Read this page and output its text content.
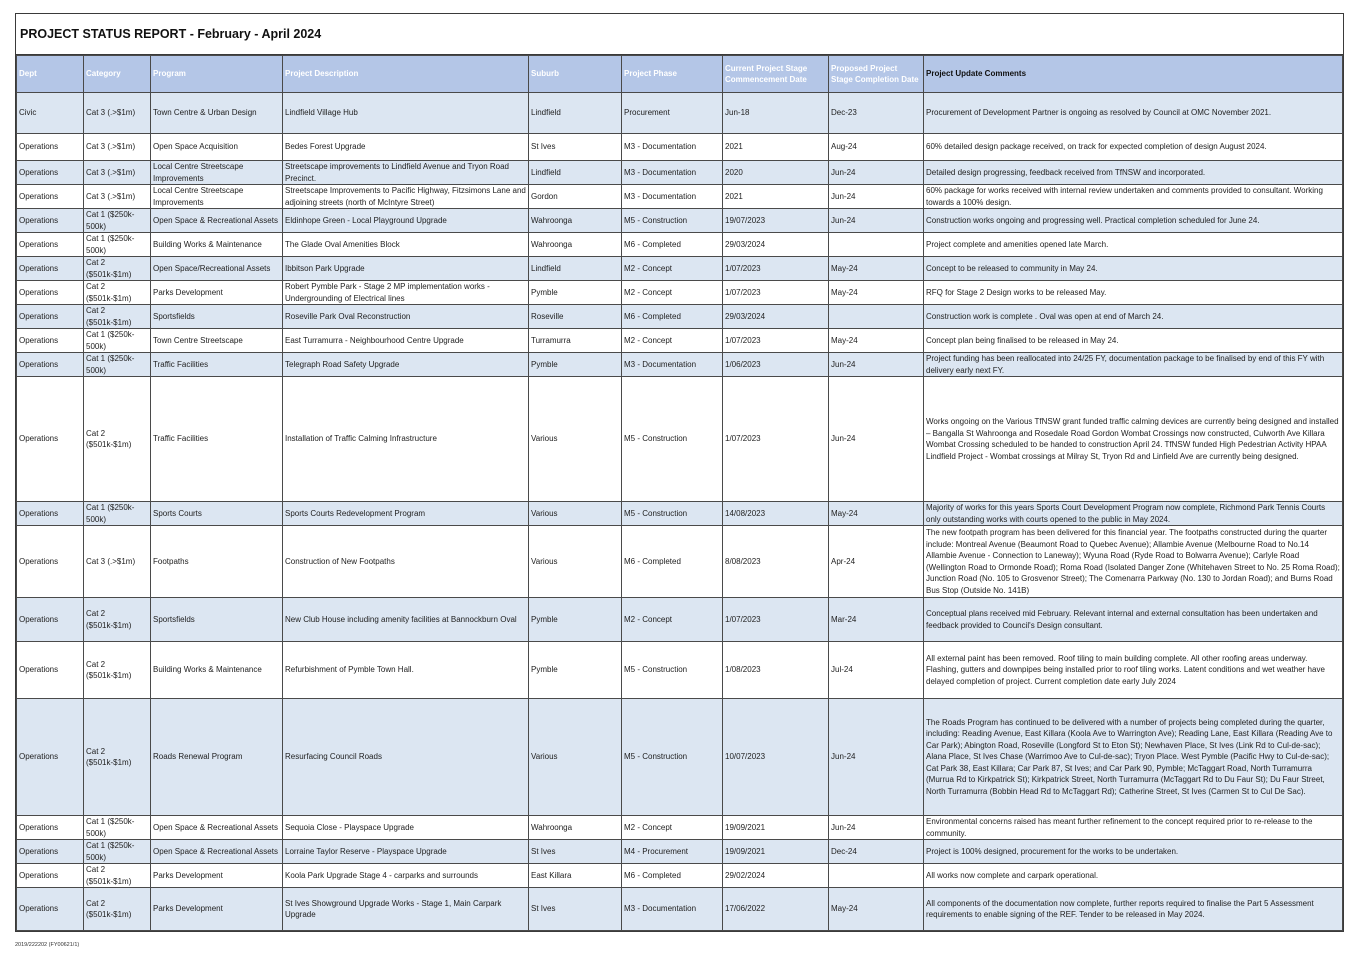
PROJECT STATUS REPORT - February - April 2024
Dept	Category	Program	Project Description	Suburb	Project Phase	Current Project Stage Commencement Date	Proposed Project Stage Completion Date	Project Update Comments
Civic	Cat 3 (.>$1m)	Town Centre & Urban Design	Lindfield Village Hub	Lindfield	Procurement	Jun-18	Dec-23	Procurement of Development Partner is ongoing as resolved by Council at OMC November 2021.
Operations	Cat 3 (.>$1m)	Open Space Acquisition	Bedes Forest Upgrade	St Ives	M3 - Documentation	2021	Aug-24	60% detailed design package received, on track for expected completion of design August 2024.
Operations	Cat 3 (.>$1m)	Local Centre Streetscape Improvements	Streetscape improvements to Lindfield Avenue and Tryon Road Precinct.	Lindfield	M3 - Documentation	2020	Jun-24	Detailed design progressing, feedback received from TfNSW and incorporated.
Operations	Cat 3 (.>$1m)	Local Centre Streetscape Improvements	Streetscape Improvements to Pacific Highway, Fitzsimons Lane and adjoining streets (north of McIntyre Street)	Gordon	M3 - Documentation	2021	Jun-24	60% package for works received with internal review undertaken and comments provided to consultant. Working towards a 100% design.
Operations	Cat 1 ($250k-500k)	Open Space & Recreational Assets	Eldinhope Green - Local Playground Upgrade	Wahroonga	M5 - Construction	19/07/2023	Jun-24	Construction works ongoing and progressing well. Practical completion scheduled for June 24.
Operations	Cat 1 ($250k-500k)	Building Works & Maintenance	The Glade Oval Amenities Block	Wahroonga	M6 - Completed	29/03/2024		Project complete and amenities opened late March.
Operations	Cat 2 ($501k-$1m)	Open Space/Recreational Assets	Ibbitson Park Upgrade	Lindfield	M2 - Concept	1/07/2023	May-24	Concept to be released to community in May 24.
Operations	Cat 2 ($501k-$1m)	Parks Development	Robert Pymble Park - Stage 2 MP implementation works - Undergrounding of Electrical lines	Pymble	M2 - Concept	1/07/2023	May-24	RFQ for Stage 2 Design works to be released May.
Operations	Cat 2 ($501k-$1m)	Sportsfields	Roseville Park Oval Reconstruction	Roseville	M6 - Completed	29/03/2024		Construction work is complete . Oval was open at end of March 24.
Operations	Cat 1 ($250k-500k)	Town Centre Streetscape	East Turramurra - Neighbourhood Centre Upgrade	Turramurra	M2 - Concept	1/07/2023	May-24	Concept plan being finalised to be released in May 24.
Operations	Cat 1 ($250k-500k)	Traffic Facilities	Telegraph Road Safety Upgrade	Pymble	M3 - Documentation	1/06/2023	Jun-24	Project funding has been reallocated into 24/25 FY, documentation package to be finalised by end of this FY with delivery early next FY.
Operations	Cat 2 ($501k-$1m)	Traffic Facilities	Installation of Traffic Calming Infrastructure	Various	M5 - Construction	1/07/2023	Jun-24	Works ongoing on the Various TfNSW grant funded traffic calming devices are currently being designed and installed – Bangalla St Wahroonga and Rosedale Road Gordon Wombat Crossings now constructed, Culworth Ave Killara Wombat Crossing scheduled to be handed to construction April 24. TfNSW funded High Pedestrian Activity HPAA Lindfield Project - Wombat crossings at Milray St, Tryon Rd and Linfield Ave are currently being designed.
Operations	Cat 1 ($250k-500k)	Sports Courts	Sports Courts Redevelopment Program	Various	M5 - Construction	14/08/2023	May-24	Majority of works for this years Sports Court Development Program now complete, Richmond Park Tennis Courts only outstanding works with courts opened to the public in May 2024.
Operations	Cat 3 (.>$1m)	Footpaths	Construction of New Footpaths	Various	M6 - Completed	8/08/2023	Apr-24	The new footpath program has been delivered for this financial year. The footpaths constructed during the quarter include: Montreal Avenue (Beaumont Road to Quebec Avenue); Allambie Avenue (Melbourne Road to No.14 Allambie Avenue - Connection to Laneway); Wyuna Road (Ryde Road to Bolwarra Avenue); Carlyle Road (Wellington Road to Ormonde Road); Roma Road (Isolated Danger Zone (Whitehaven Street to No. 25 Roma Road); Junction Road (No. 105 to Grosvenor Street); The Comenarra Parkway (No. 130 to Jordan Road); and Burns Road Bus Stop (Outside No. 141B)
Operations	Cat 2 ($501k-$1m)	Sportsfields	New Club House including amenity facilities at Bannockburn Oval	Pymble	M2 - Concept	1/07/2023	Mar-24	Conceptual plans received mid February. Relevant internal and external consultation has been undertaken and feedback provided to Council's Design consultant.
Operations	Cat 2 ($501k-$1m)	Building Works & Maintenance	Refurbishment of Pymble Town Hall.	Pymble	M5 - Construction	1/08/2023	Jul-24	All external paint has been removed. Roof tiling to main building complete. All other roofing areas underway. Flashing, gutters and downpipes being installed prior to roof tiling works. Latent conditions and wet weather have delayed completion of project. Current completion date early July 2024
Operations	Cat 2 ($501k-$1m)	Roads Renewal Program	Resurfacing Council Roads	Various	M5 - Construction	10/07/2023	Jun-24	The Roads Program has continued to be delivered with a number of projects being completed during the quarter, including: Reading Avenue, East Killara (Koola Ave to Warrington Ave); Reading Lane, East Killara (Reading Ave to Car Park); Abington Road, Roseville (Longford St to Eton St); Newhaven Place, St Ives (Link Rd to Cul-de-sac); Alana Place, St Ives Chase (Warrimoo Ave to Cul-de-sac); Tryon Place. West Pymble (Pacific Hwy to Cul-de-sac); Cat Park 38, East Killara; Car Park 87, St Ives; and Car Park 90, Pymble; McTaggart Road, North Turramurra (Murrua Rd to Kirkpatrick St); Kirkpatrick Street, North Turramurra (McTaggart Rd to Du Faur St); Du Faur Street, North Turramurra (Bobbin Head Rd to McTaggart Rd); Catherine Street, St Ives (Carmen St to Cul De Sac).
Operations	Cat 1 ($250k-500k)	Open Space & Recreational Assets	Sequoia Close - Playspace Upgrade	Wahroonga	M2 - Concept	19/09/2021	Jun-24	Environmental concerns raised has meant further refinement to the concept required prior to re-release to the community.
Operations	Cat 1 ($250k-500k)	Open Space & Recreational Assets	Lorraine Taylor Reserve - Playspace Upgrade	St Ives	M4 - Procurement	19/09/2021	Dec-24	Project is 100% designed, procurement for the works to be undertaken.
Operations	Cat 2 ($501k-$1m)	Parks Development	Koola Park Upgrade Stage 4 - carparks and surrounds	East Killara	M6 - Completed	29/02/2024		All works now complete and carpark operational.
Operations	Cat 2 ($501k-$1m)	Parks Development	St Ives Showground Upgrade Works - Stage 1, Main Carpark Upgrade	St Ives	M3 - Documentation	17/06/2022	May-24	All components of the documentation now complete, further reports required to finalise the Part 5 Assessment requirements to enable signing of the REF. Tender to be released in May 2024.
2019/222202 (FY00621/1)
